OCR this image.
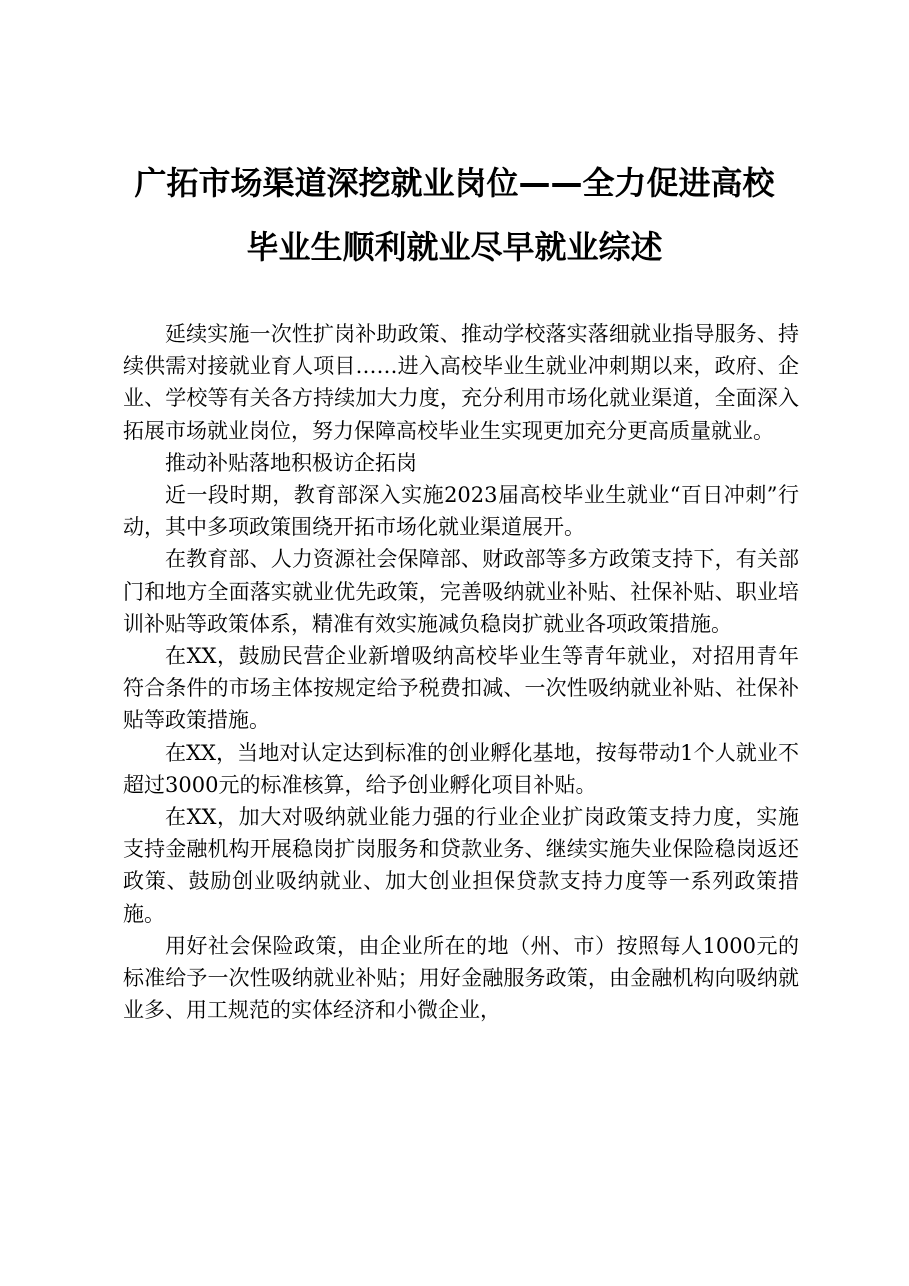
广拓市场渠道深挖就业岗位——全力促进高校
毕业生顺利就业尽早就业综述

延续实施一次性扩岗补助政策、推动学校落实落细就业指导服务、持续供需对接就业育人项目……进入高校毕业生就业冲刺期以来，政府、企业、学校等有关各方持续加大力度，充分利用市场化就业渠道，全面深入拓展市场就业岗位，努力保障高校毕业生实现更加充分更高质量就业。

推动补贴落地积极访企拓岗

近一段时期，教育部深入实施2023届高校毕业生就业“百日冲刺”行动，其中多项政策围绕开拓市场化就业渠道展开。

在教育部、人力资源社会保障部、财政部等多方政策支持下，有关部门和地方全面落实就业优先政策，完善吸纳就业补贴、社保补贴、职业培训补贴等政策体系，精准有效实施减负稳岗扩就业各项政策措施。

在XX，鼓励民营企业新增吸纳高校毕业生等青年就业，对招用青年符合条件的市场主体按规定给予税费扣减、一次性吸纳就业补贴、社保补贴等政策措施。

在XX，当地对认定达到标准的创业孵化基地，按每带动1个人就业不超过3000元的标准核算，给予创业孵化项目补贴。

在XX，加大对吸纳就业能力强的行业企业扩岗政策支持力度，实施支持金融机构开展稳岗扩岗服务和贷款业务、继续实施失业保险稳岗返还政策、鼓励创业吸纳就业、加大创业担保贷款支持力度等一系列政策措施。

用好社会保险政策，由企业所在的地（州、市）按照每人1000元的标准给予一次性吸纳就业补贴；用好金融服务政策，由金融机构向吸纳就业多、用工规范的实体经济和小微企业，
